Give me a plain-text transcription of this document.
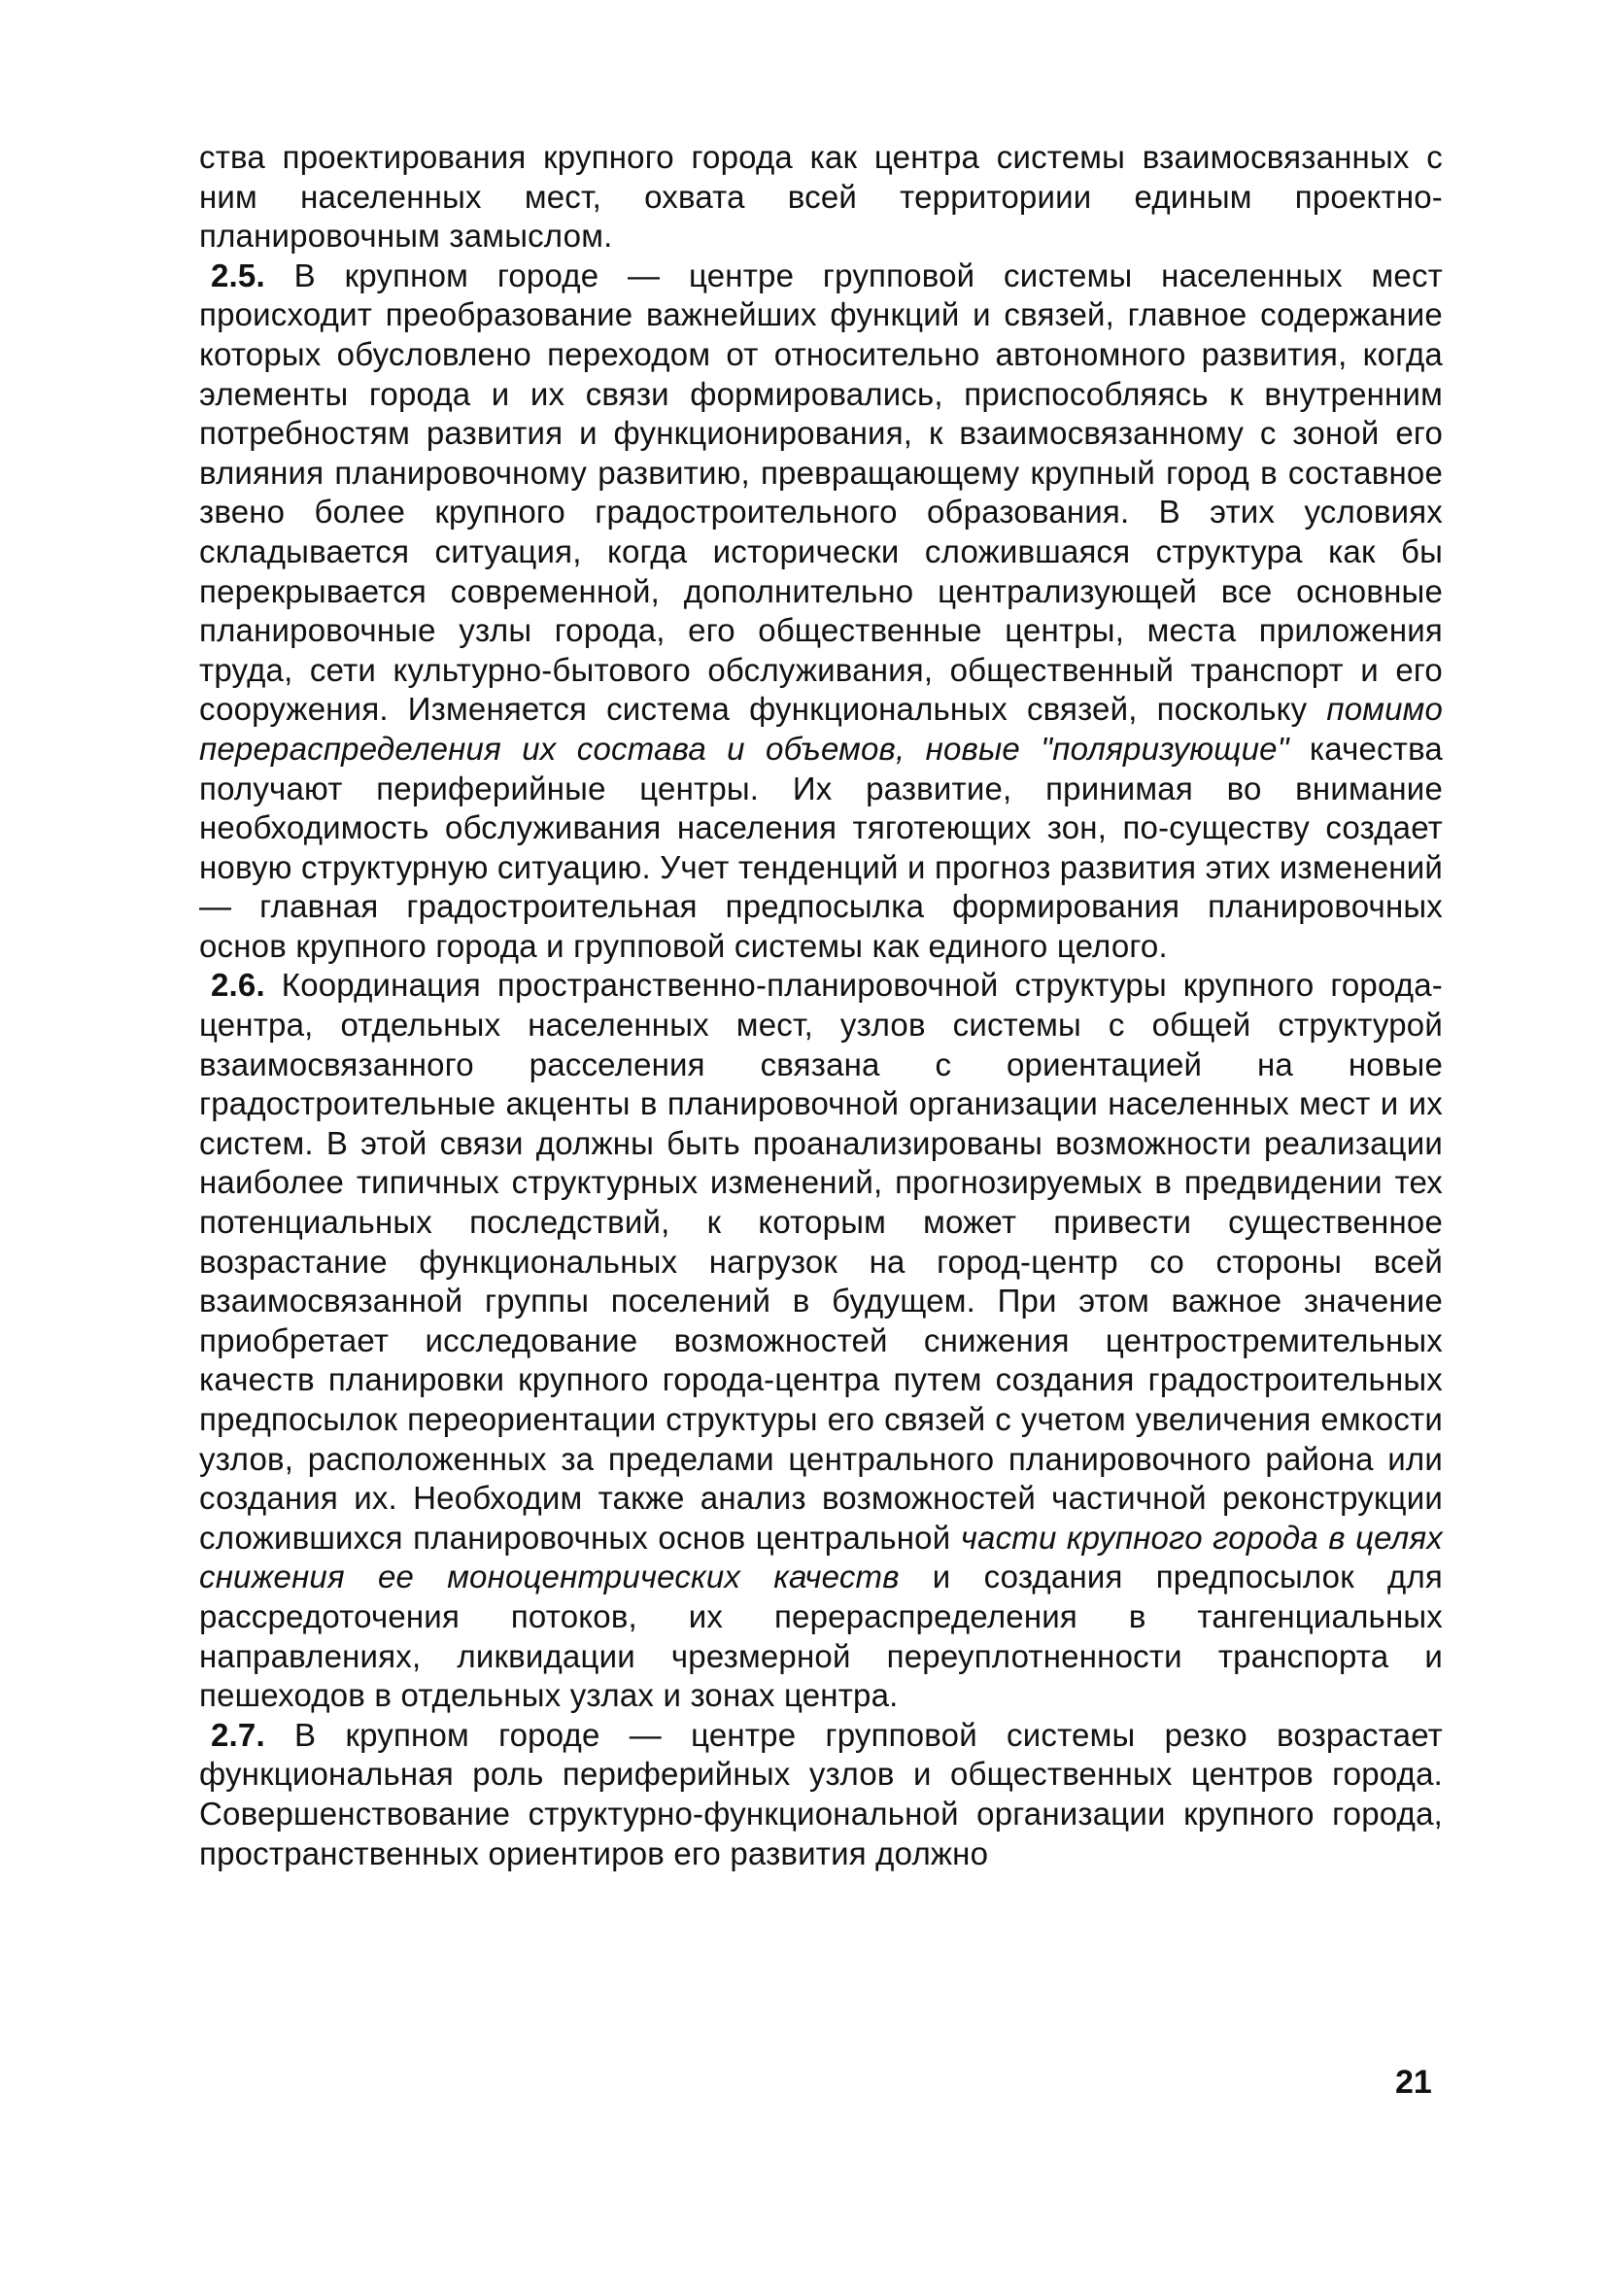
ства проектирования крупного города как центра системы взаимосвязанных с ним населенных мест, охвата всей территориии единым проектно-планировочным замыслом.

2.5. В крупном городе — центре групповой системы населенных мест происходит преобразование важнейших функций и связей, главное содержание которых обусловлено переходом от относительно автономного развития, когда элементы города и их связи формировались, приспособляясь к внутренним потребностям развития и функционирования, к взаимосвязанному с зоной его влияния планировочному развитию, превращающему крупный город в составное звено более крупного градостроительного образования. В этих условиях складывается ситуация, когда исторически сложившаяся структура как бы перекрывается современной, дополнительно централизующей все основные планировочные узлы города, его общественные центры, места приложения труда, сети культурно-бытового обслуживания, общественный транспорт и его сооружения. Изменяется система функциональных связей, поскольку помимо перераспределения их состава и объемов, новые "поляризующие" качества получают периферийные центры. Их развитие, принимая во внимание необходимость обслуживания населения тяготеющих зон, по-существу создает новую структурную ситуацию. Учет тенденций и прогноз развития этих изменений — главная градостроительная предпосылка формирования планировочных основ крупного города и групповой системы как единого целого.

2.6. Координация пространственно-планировочной структуры крупного города-центра, отдельных населенных мест, узлов системы с общей структурой взаимосвязанного расселения связана с ориентацией на новые градостроительные акценты в планировочной организации населенных мест и их систем. В этой связи должны быть проанализированы возможности реализации наиболее типичных структурных изменений, прогнозируемых в предвидении тех потенциальных последствий, к которым может привести существенное возрастание функциональных нагрузок на город-центр со стороны всей взаимосвязанной группы поселений в будущем. При этом важное значение приобретает исследование возможностей снижения центростремительных качеств планировки крупного города-центра путем создания градостроительных предпосылок переориентации структуры его связей с учетом увеличения емкости узлов, расположенных за пределами центрального планировочного района или создания их. Необходим также анализ возможностей частичной реконструкции сложившихся планировочных основ центральной части крупного города в целях снижения ее моноцентрических качеств и создания предпосылок для рассредоточения потоков, их перераспределения в тангенциальных направлениях, ликвидации чрезмерной переуплотненности транспорта и пешеходов в отдельных узлах и зонах центра.

2.7. В крупном городе — центре групповой системы резко возрастает функциональная роль периферийных узлов и общественных центров города. Совершенствование структурно-функциональной организации крупного города, пространственных ориентиров его развития должно

21
